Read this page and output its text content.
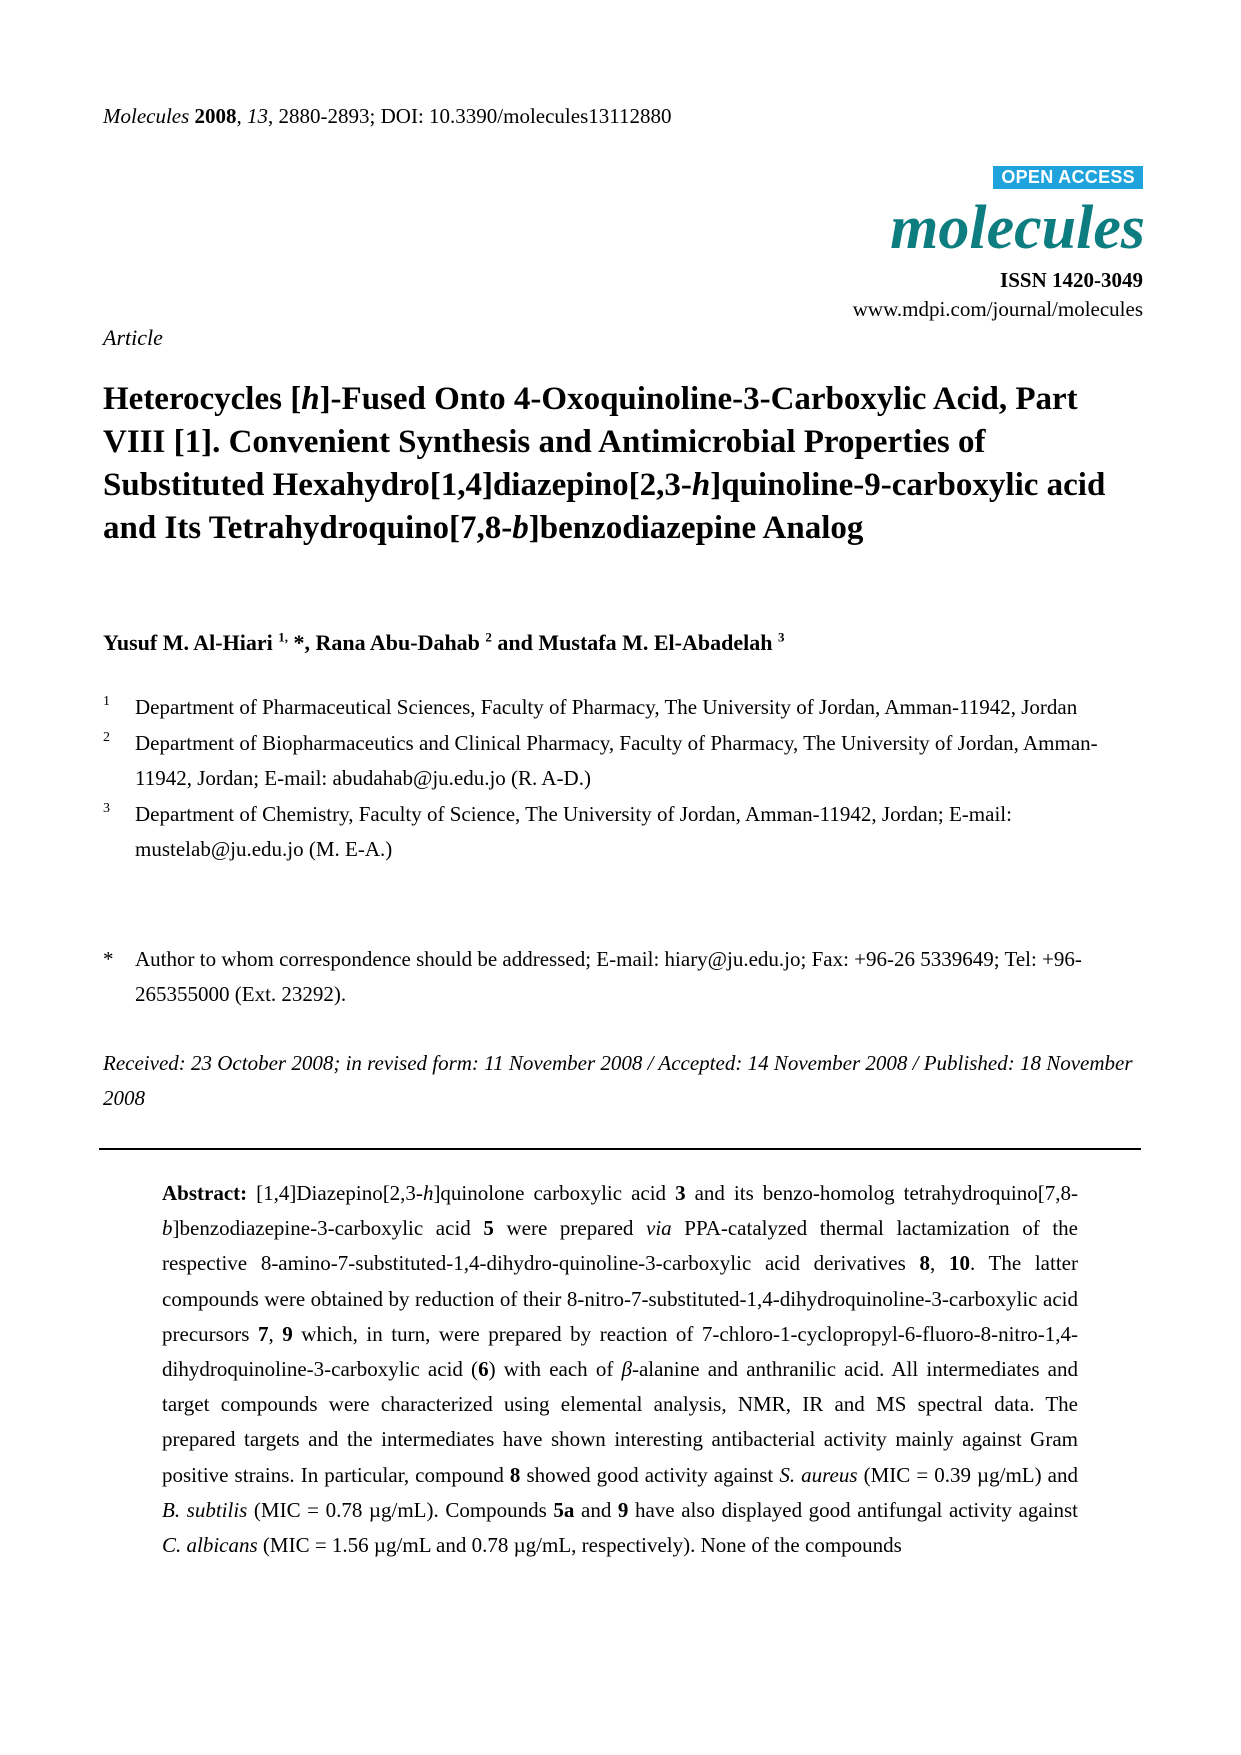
Molecules 2008, 13, 2880-2893; DOI: 10.3390/molecules13112880
OPEN ACCESS
molecules
ISSN 1420-3049
www.mdpi.com/journal/molecules
Article
Heterocycles [h]-Fused Onto 4-Oxoquinoline-3-Carboxylic Acid, Part VIII [1]. Convenient Synthesis and Antimicrobial Properties of Substituted Hexahydro[1,4]diazepino[2,3-h]quinoline-9-carboxylic acid and Its Tetrahydroquino[7,8-b]benzodiazepine Analog
Yusuf M. Al-Hiari $^{1,}$ *, Rana Abu-Dahab $^2$ and Mustafa M. El-Abadelah $^3$
1 Department of Pharmaceutical Sciences, Faculty of Pharmacy, The University of Jordan, Amman-11942, Jordan
2 Department of Biopharmaceutics and Clinical Pharmacy, Faculty of Pharmacy, The University of Jordan, Amman-11942, Jordan; E-mail: abudahab@ju.edu.jo (R. A-D.)
3 Department of Chemistry, Faculty of Science, The University of Jordan, Amman-11942, Jordan; E-mail: mustelab@ju.edu.jo (M. E-A.)
*	Author to whom correspondence should be addressed; E-mail: hiary@ju.edu.jo; Fax: +96-26 5339649; Tel: +96-265355000 (Ext. 23292).
Received: 23 October 2008; in revised form: 11 November 2008 / Accepted: 14 November 2008 / Published: 18 November 2008

Abstract: [1,4]Diazepino[2,3-h]quinolone carboxylic acid 3 and its benzo-homolog tetrahydroquino[7,8-b]benzodiazepine-3-carboxylic acid 5 were prepared via PPA-catalyzed thermal lactamization of the respective 8-amino-7-substituted-1,4-dihydro-quinoline-3-carboxylic acid derivatives 8, 10. The latter compounds were obtained by reduction of their 8-nitro-7-substituted-1,4-dihydroquinoline-3-carboxylic acid precursors 7, 9 which, in turn, were prepared by reaction of 7-chloro-1-cyclopropyl-6-fluoro-8-nitro-1,4-dihydroquinoline-3-carboxylic acid (6) with each of β-alanine and anthranilic acid. All intermediates and target compounds were characterized using elemental analysis, NMR, IR and MS spectral data. The prepared targets and the intermediates have shown interesting antibacterial activity mainly against Gram positive strains. In particular, compound 8 showed good activity against S. aureus (MIC = 0.39 µg/mL) and B. subtilis (MIC = 0.78 µg/mL). Compounds 5a and 9 have also displayed good antifungal activity against C. albicans (MIC = 1.56 µg/mL and 0.78 µg/mL, respectively). None of the compounds
